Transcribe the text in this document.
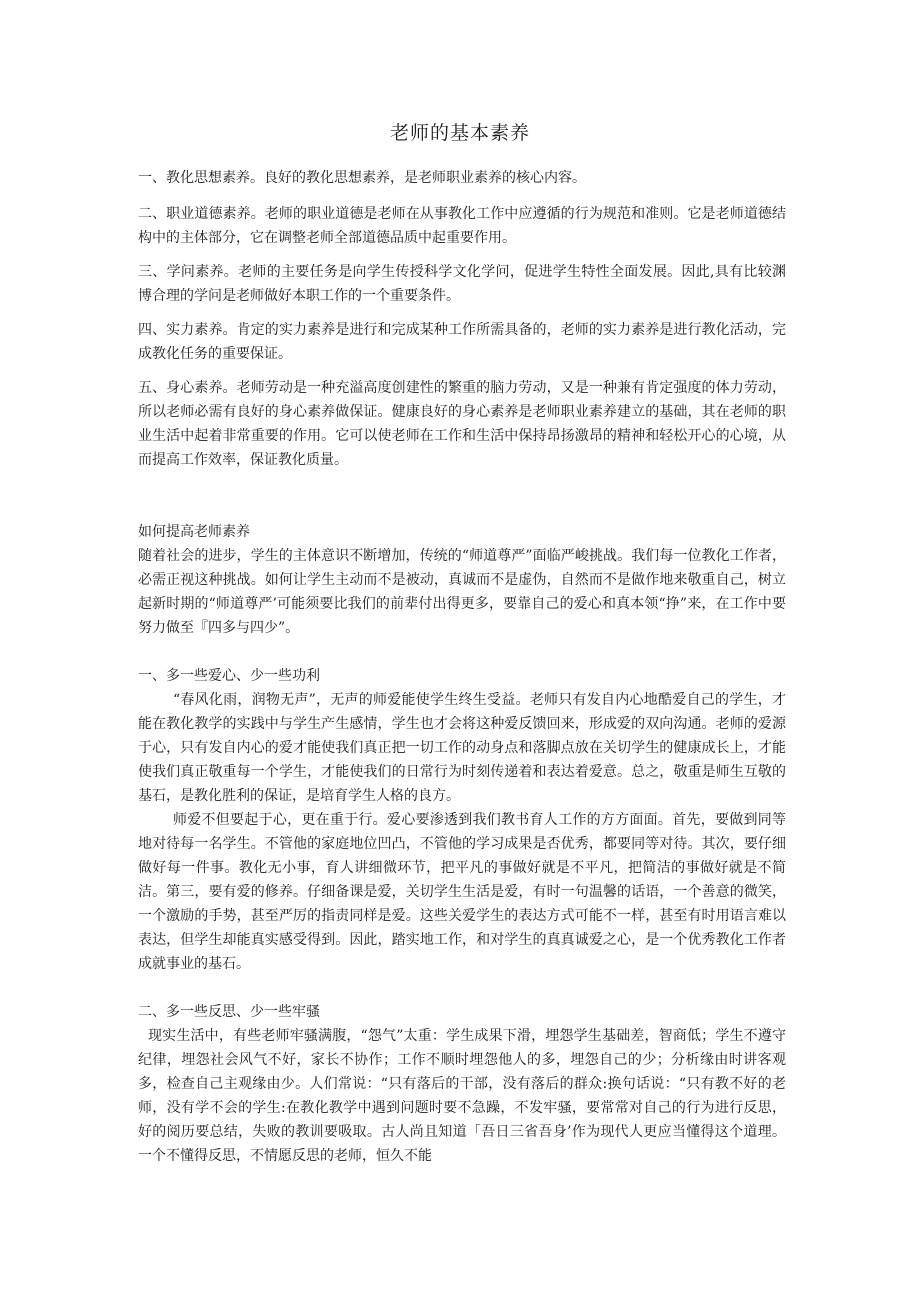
老师的基本素养

一、教化思想素养。良好的教化思想素养，是老师职业素养的核心内容。

二、职业道德素养。老师的职业道德是老师在从事教化工作中应遵循的行为规范和准则。它是老师道德结构中的主体部分，它在调整老师全部道德品质中起重要作用。

三、学问素养。老师的主要任务是向学生传授科学文化学问，促进学生特性全面发展。因此,具有比较渊博合理的学问是老师做好本职工作的一个重要条件。

四、实力素养。肯定的实力素养是进行和完成某种工作所需具备的，老师的实力素养是进行教化活动，完成教化任务的重要保证。

五、身心素养。老师劳动是一种充溢高度创建性的繁重的脑力劳动，又是一种兼有肯定强度的体力劳动，所以老师必需有良好的身心素养做保证。健康良好的身心素养是老师职业素养建立的基础，其在老师的职业生活中起着非常重要的作用。它可以使老师在工作和生活中保持昂扬激昂的精神和轻松开心的心境，从而提高工作效率，保证教化质量。

如何提高老师素养

随着社会的进步，学生的主体意识不断增加，传统的“师道尊严”面临严峻挑战。我们每一位教化工作者，必需正视这种挑战。如何让学生主动而不是被动，真诚而不是虚伪，自然而不是做作地来敬重自己，树立起新时期的“师道尊严’可能须要比我们的前辈付出得更多，要靠自己的爱心和真本领“挣”来，在工作中要努力做至『四多与四少”。

一、多一些爱心、少一些功利

“春风化雨，润物无声”，无声的师爱能使学生终生受益。老师只有发自内心地酷爱自己的学生，才能在教化教学的实践中与学生产生感情，学生也才会将这种爱反馈回来，形成爱的双向沟通。老师的爱源于心，只有发自内心的爱才能使我们真正把一切工作的动身点和落脚点放在关切学生的健康成长上，才能使我们真正敬重每一个学生，才能使我们的日常行为时刻传递着和表达着爱意。总之，敬重是师生互敬的基石，是教化胜利的保证，是培育学生人格的良方。

师爱不但要起于心，更在重于行。爱心要渗透到我们教书育人工作的方方面面。首先，要做到同等地对待每一名学生。不管他的家庭地位凹凸，不管他的学习成果是否优秀，都要同等对待。其次，要仔细做好每一件事。教化无小事，育人讲细微环节，把平凡的事做好就是不平凡，把简洁的事做好就是不简洁。第三，要有爱的修养。仔细备课是爱，关切学生生活是爱，有时一句温馨的话语，一个善意的微笑，一个激励的手势，甚至严厉的指责同样是爱。这些关爱学生的表达方式可能不一样，甚至有时用语言难以表达，但学生却能真实感受得到。因此，踏实地工作，和对学生的真真诚爱之心，是一个优秀教化工作者成就事业的基石。

二、多一些反思、少一些牢骚

现实生活中，有些老师牢骚满腹，“怨气”太重：学生成果下滑，埋怨学生基础差，智商低；学生不遵守纪律，埋怨社会风气不好，家长不协作；工作不顺时埋怨他人的多，埋怨自己的少；分析缘由时讲客观多，检查自己主观缘由少。人们常说：“只有落后的干部，没有落后的群众:换句话说：“只有教不好的老师，没有学不会的学生:在教化教学中遇到问题时要不急躁，不发牢骚，要常常对自己的行为进行反思，好的阅历要总结，失败的教训要吸取。古人尚且知道「吾日三省吾身’作为现代人更应当懂得这个道理。一个不懂得反思，不情愿反思的老师，恒久不能
